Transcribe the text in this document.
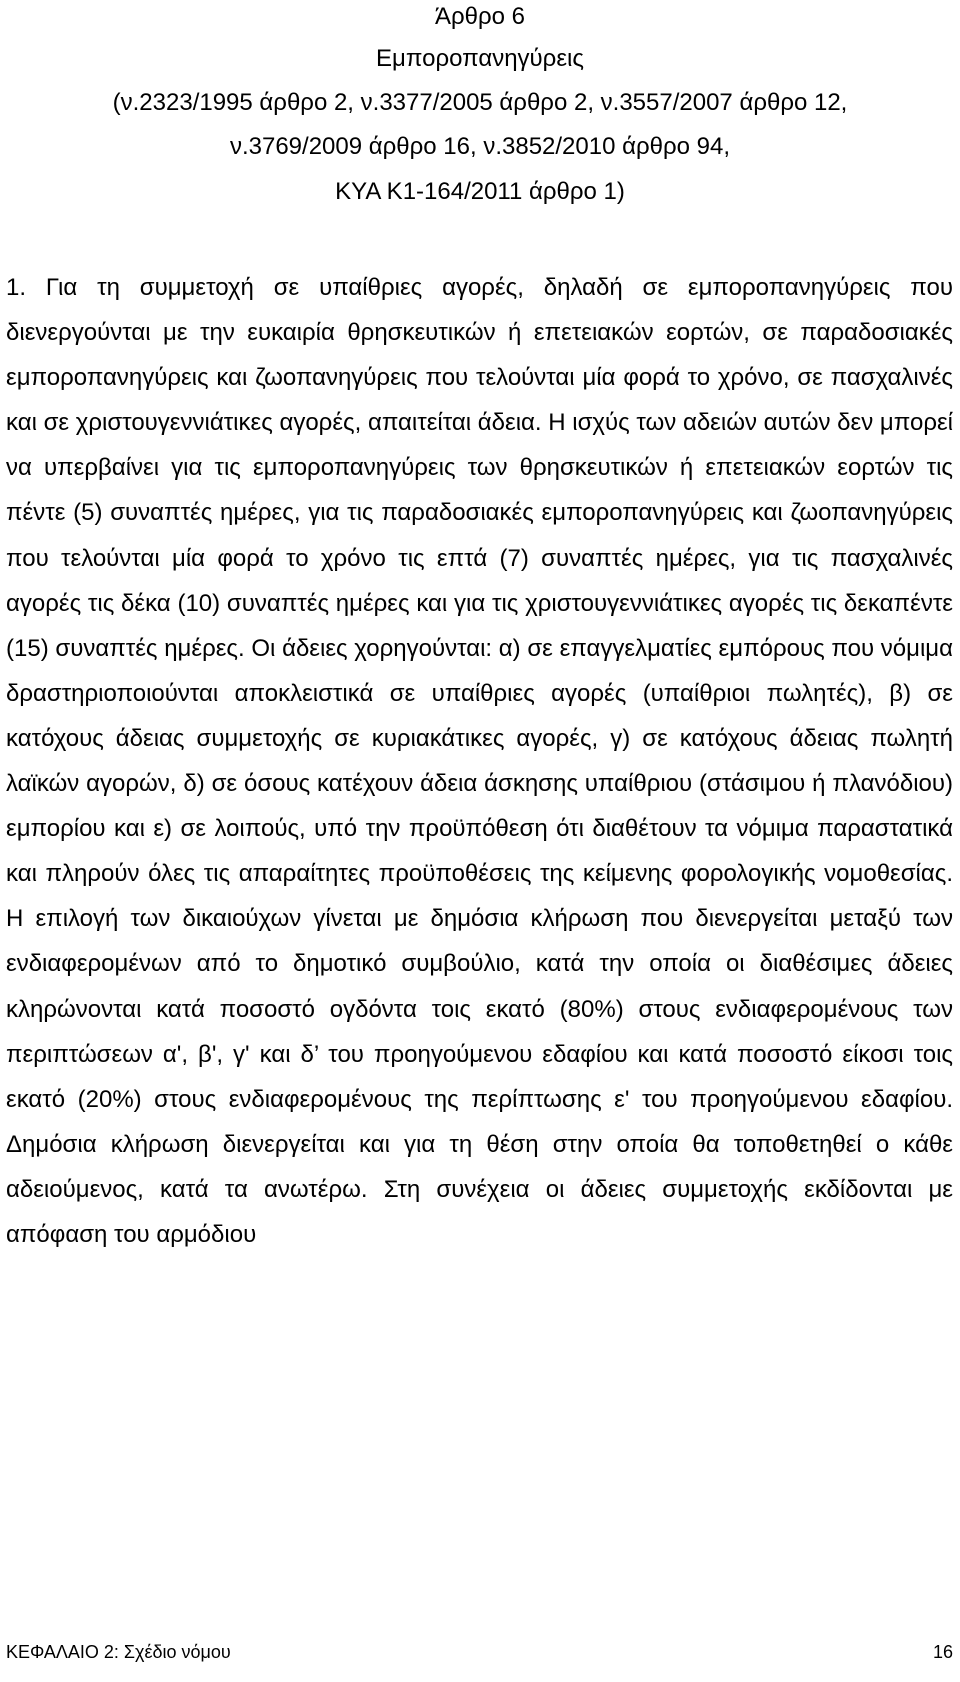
Άρθρο 6
Εμποροπανηγύρεις
(ν.2323/1995 άρθρο 2, ν.3377/2005 άρθρο 2, ν.3557/2007 άρθρο 12,
ν.3769/2009 άρθρο 16, ν.3852/2010 άρθρο 94,
ΚΥΑ Κ1-164/2011 άρθρο 1)

1. Για τη συμμετοχή σε υπαίθριες αγορές, δηλαδή σε εμποροπανηγύρεις που διενεργούνται με την ευκαιρία θρησκευτικών ή επετειακών εορτών, σε παραδοσιακές εμποροπανηγύρεις και ζωοπανηγύρεις που τελούνται μία φορά το χρόνο, σε πασχαλινές και σε χριστουγεννιάτικες αγορές, απαιτείται άδεια. Η ισχύς των αδειών αυτών δεν μπορεί να υπερβαίνει για τις εμποροπανηγύρεις των θρησκευτικών ή επετειακών εορτών τις πέντε (5) συναπτές ημέρες, για τις παραδοσιακές εμποροπανηγύρεις και ζωοπανηγύρεις που τελούνται μία φορά το χρόνο τις επτά (7) συναπτές ημέρες, για τις πασχαλινές αγορές τις δέκα (10) συναπτές ημέρες και για τις χριστουγεννιάτικες αγορές τις δεκαπέντε (15) συναπτές ημέρες. Οι άδειες χορηγούνται: α) σε επαγγελματίες εμπόρους που νόμιμα δραστηριοποιούνται αποκλειστικά σε υπαίθριες αγορές (υπαίθριοι πωλητές), β) σε κατόχους άδειας συμμετοχής σε κυριακάτικες αγορές, γ) σε κατόχους άδειας πωλητή λαϊκών αγορών, δ) σε όσους κατέχουν άδεια άσκησης υπαίθριου (στάσιμου ή πλανόδιου) εμπορίου και ε) σε λοιπούς, υπό την προϋπόθεση ότι διαθέτουν τα νόμιμα παραστατικά και πληρούν όλες τις απαραίτητες προϋποθέσεις της κείμενης φορολογικής νομοθεσίας. Η επιλογή των δικαιούχων γίνεται με δημόσια κλήρωση που διενεργείται μεταξύ των ενδιαφερομένων από το δημοτικό συμβούλιο, κατά την οποία οι διαθέσιμες άδειες κληρώνονται κατά ποσοστό ογδόντα τοις εκατό (80%) στους ενδιαφερομένους των περιπτώσεων α', β', γ' και δ’ του προηγούμενου εδαφίου και κατά ποσοστό είκοσι τοις εκατό (20%) στους ενδιαφερομένους της περίπτωσης ε' του προηγούμενου εδαφίου. Δημόσια κλήρωση διενεργείται και για τη θέση στην οποία θα τοποθετηθεί ο κάθε αδειούμενος, κατά τα ανωτέρω. Στη συνέχεια οι άδειες συμμετοχής εκδίδονται με απόφαση του αρμόδιου

ΚΕΦΑΛΑΙΟ 2: Σχέδιο νόμου	16
